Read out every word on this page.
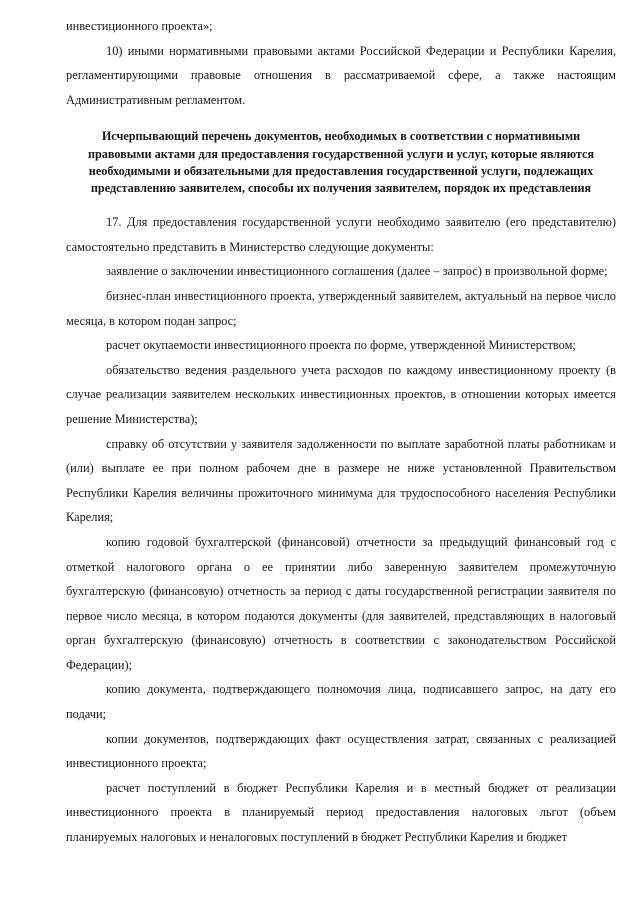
инвестиционного проекта»;

10) иными нормативными правовыми актами Российской Федерации и Республики Карелия, регламентирующими правовые отношения в рассматриваемой сфере, а также настоящим Административным регламентом.

Исчерпывающий перечень документов, необходимых в соответствии с нормативными правовыми актами для предоставления государственной услуги и услуг, которые являются необходимыми и обязательными для предоставления государственной услуги, подлежащих представлению заявителем, способы их получения заявителем, порядок их представления

17. Для предоставления государственной услуги необходимо заявителю (его представителю) самостоятельно представить в Министерство следующие документы:

заявление о заключении инвестиционного соглашения (далее – запрос) в произвольной форме;

бизнес-план инвестиционного проекта, утвержденный заявителем, актуальный на первое число месяца, в котором подан запрос;

расчет окупаемости инвестиционного проекта по форме, утвержденной Министерством;

обязательство ведения раздельного учета расходов по каждому инвестиционному проекту (в случае реализации заявителем нескольких инвестиционных проектов, в отношении которых имеется решение Министерства);

справку об отсутствии у заявителя задолженности по выплате заработной платы работникам и (или) выплате ее при полном рабочем дне в размере не ниже установленной Правительством Республики Карелия величины прожиточного минимума для трудоспособного населения Республики Карелия;

копию годовой бухгалтерской (финансовой) отчетности за предыдущий финансовый год с отметкой налогового органа о ее принятии либо заверенную заявителем промежуточную бухгалтерскую (финансовую) отчетность за период с даты государственной регистрации заявителя по первое число месяца, в котором подаются документы (для заявителей, представляющих в налоговый орган бухгалтерскую (финансовую) отчетность в соответствии с законодательством Российской Федерации);

копию документа, подтверждающего полномочия лица, подписавшего запрос, на дату его подачи;

копии документов, подтверждающих факт осуществления затрат, связанных с реализацией инвестиционного проекта;

расчет поступлений в бюджет Республики Карелия и в местный бюджет от реализации инвестиционного проекта в планируемый период предоставления налоговых льгот (объем планируемых налоговых и неналоговых поступлений в бюджет Республики Карелия и бюджет
